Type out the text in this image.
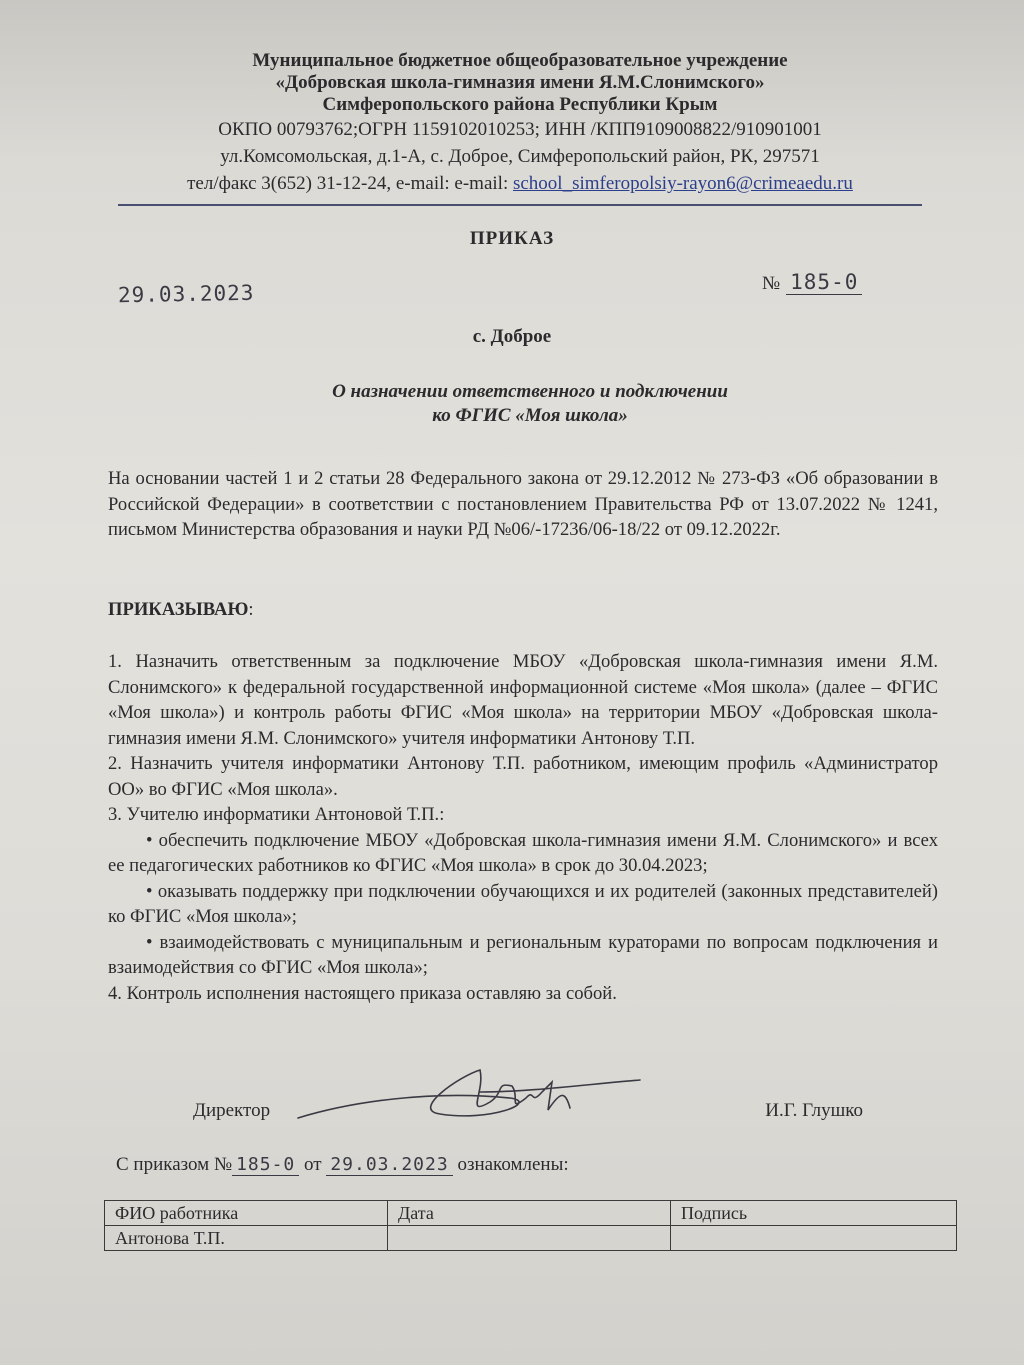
Муниципальное бюджетное общеобразовательное учреждение
«Добровская школа-гимназия имени Я.М.Слонимского»
Симферопольского района Республики Крым
ОКПО 00793762;ОГРН 1159102010253; ИНН /КПП9109008822/910901001
ул.Комсомольская, д.1-А, с. Доброе, Симферопольский район, РК, 297571
тел/факс 3(652) 31-12-24, e-mail: e-mail: school_simferopolsiy-rayon6@crimeaedu.ru
ПРИКАЗ
29.03.2023	№ 185-0
с. Доброе
О назначении ответственного и подключении
ко ФГИС «Моя школа»
На основании частей 1 и 2 статьи 28 Федерального закона от 29.12.2012 № 273-ФЗ «Об образовании в Российской Федерации» в соответствии с постановлением Правительства РФ от 13.07.2022 № 1241, письмом Министерства образования и науки РД №06/-17236/06-18/22 от 09.12.2022г.
ПРИКАЗЫВАЮ:

1. Назначить ответственным за подключение МБОУ «Добровская школа-гимназия имени Я.М. Слонимского» к федеральной государственной информационной системе «Моя школа» (далее – ФГИС «Моя школа») и контроль работы ФГИС «Моя школа» на территории МБОУ «Добровская школа-гимназия имени Я.М. Слонимского» учителя информатики Антонову Т.П.

2. Назначить учителя информатики Антонову Т.П. работником, имеющим профиль «Администратор ОО» во ФГИС «Моя школа».

3. Учителю информатики Антоновой Т.П.:

• обеспечить подключение МБОУ «Добровская школа-гимназия имени Я.М. Слонимского» и всех ее педагогических работников ко ФГИС «Моя школа» в срок до 30.04.2023;

• оказывать поддержку при подключении обучающихся и их родителей (законных представителей) ко ФГИС «Моя школа»;

• взаимодействовать с муниципальным и региональным кураторами по вопросам подключения и взаимодействия со ФГИС «Моя школа»;

4. Контроль исполнения настоящего приказа оставляю за собой.

Директор	И.Г. Глушко
С приказом № 185-0 от 29.03.2023 ознакомлены:
ФИО работника	Дата	Подпись
Антонова Т.П.		
